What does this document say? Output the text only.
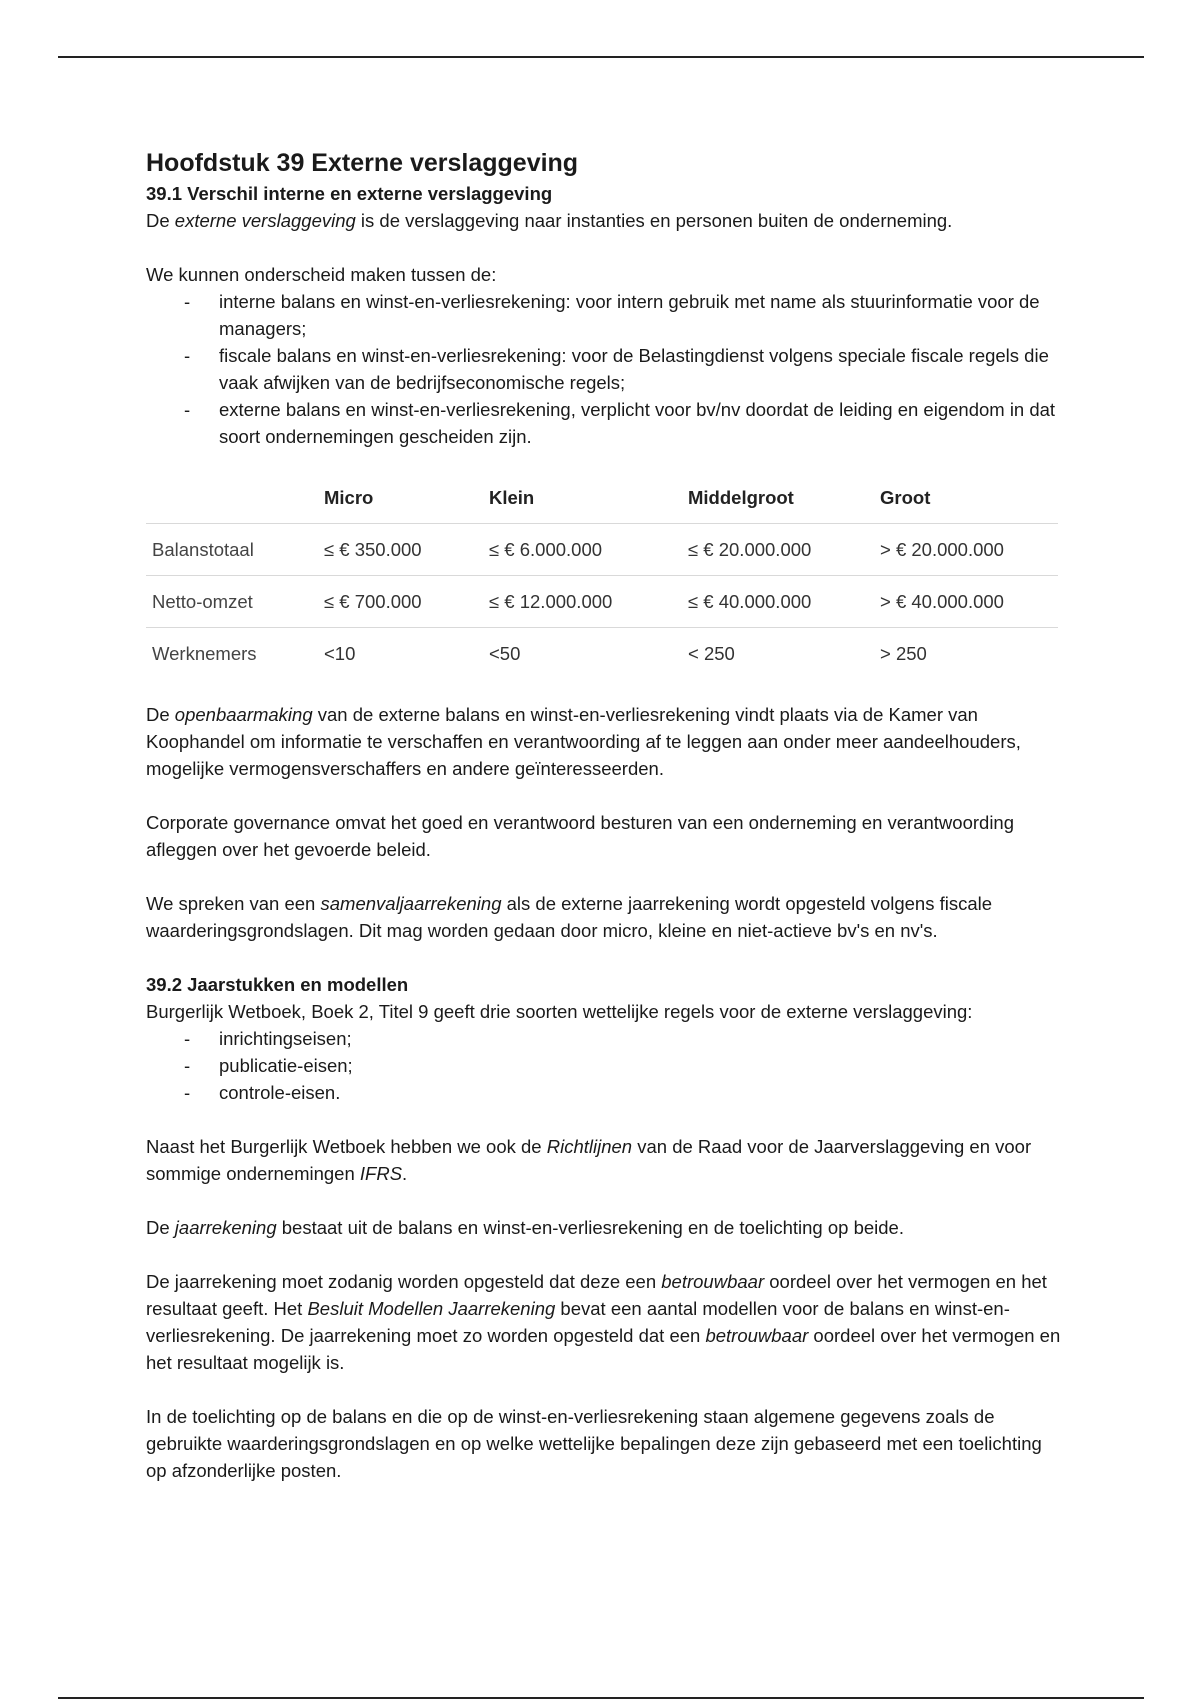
Hoofdstuk 39 Externe verslaggeving
39.1 Verschil interne en externe verslaggeving

De externe verslaggeving is de verslaggeving naar instanties en personen buiten de onderneming.

We kunnen onderscheid maken tussen de:

- interne balans en winst-en-verliesrekening: voor intern gebruik met name als stuurinformatie voor de managers;
- fiscale balans en winst-en-verliesrekening: voor de Belastingdienst volgens speciale fiscale regels die vaak afwijken van de bedrijfseconomische regels;
- externe balans en winst-en-verliesrekening, verplicht voor bv/nv doordat de leiding en eigendom in dat soort ondernemingen gescheiden zijn.
	Micro	Klein	Middelgroot	Groot
Balanstotaal	≤ € 350.000	≤ € 6.000.000	≤ € 20.000.000	> € 20.000.000
Netto-omzet	≤ € 700.000	≤ € 12.000.000	≤ € 40.000.000	> € 40.000.000
Werknemers	<10	<50	< 250	> 250

De openbaarmaking van de externe balans en winst-en-verliesrekening vindt plaats via de Kamer van Koophandel om informatie te verschaffen en verantwoording af te leggen aan onder meer aandeelhouders, mogelijke vermogensverschaffers en andere geïnteresseerden.

Corporate governance omvat het goed en verantwoord besturen van een onderneming en verantwoording afleggen over het gevoerde beleid.

We spreken van een samenvaljaarrekening als de externe jaarrekening wordt opgesteld volgens fiscale waarderingsgrondslagen. Dit mag worden gedaan door micro, kleine en niet-actieve bv's en nv's.

39.2 Jaarstukken en modellen

Burgerlijk Wetboek, Boek 2, Titel 9 geeft drie soorten wettelijke regels voor de externe verslaggeving:

- inrichtingseisen;
- publicatie-eisen;
- controle-eisen.

Naast het Burgerlijk Wetboek hebben we ook de Richtlijnen van de Raad voor de Jaarverslaggeving en voor sommige ondernemingen IFRS.

De jaarrekening bestaat uit de balans en winst-en-verliesrekening en de toelichting op beide.

De jaarrekening moet zodanig worden opgesteld dat deze een betrouwbaar oordeel over het vermogen en het resultaat geeft. Het Besluit Modellen Jaarrekening bevat een aantal modellen voor de balans en winst-en-verliesrekening. De jaarrekening moet zo worden opgesteld dat een betrouwbaar oordeel over het vermogen en het resultaat mogelijk is.

In de toelichting op de balans en die op de winst-en-verliesrekening staan algemene gegevens zoals de gebruikte waarderingsgrondslagen en op welke wettelijke bepalingen deze zijn gebaseerd met een toelichting op afzonderlijke posten.
